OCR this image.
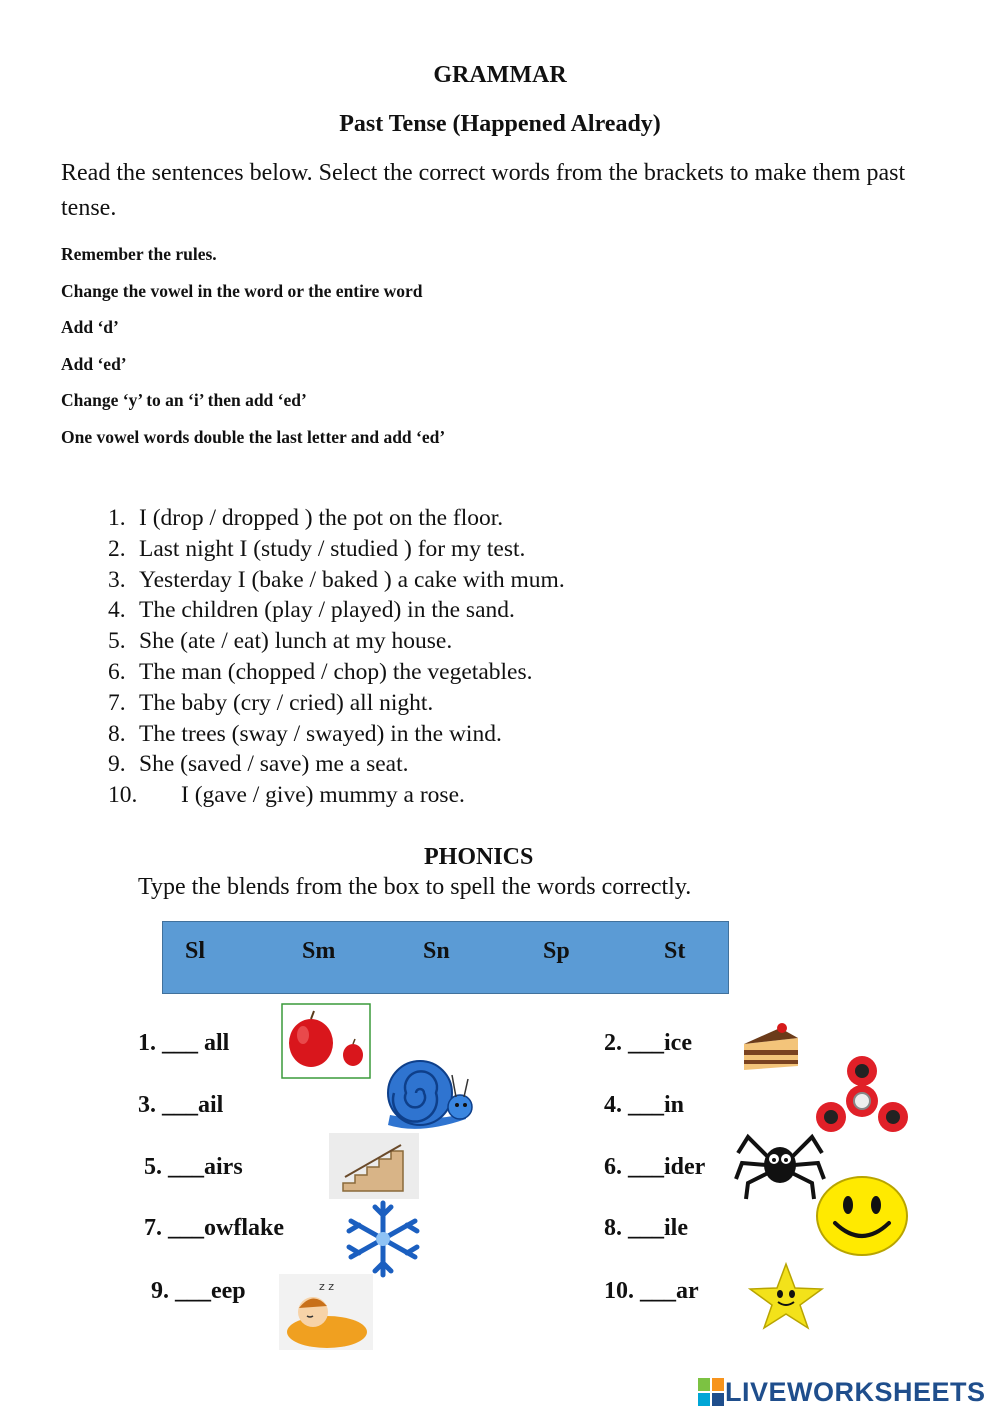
GRAMMAR
Past Tense (Happened Already)
Read the sentences below. Select the correct words from the brackets to make them past tense.
Remember the rules.
Change the vowel in the word or the entire word
Add ‘d’
Add ‘ed’
Change ‘y’ to an ‘i’ then add ‘ed’
One vowel words double the last letter and add ‘ed’
1. I (drop / dropped ) the pot on the floor.
2. Last night I (study / studied ) for my test.
3. Yesterday I (bake / baked ) a cake with mum.
4. The children (play / played) in the sand.
5. She (ate / eat) lunch at my house.
6. The man (chopped / chop) the vegetables.
7. The baby (cry / cried) all night.
8. The trees (sway / swayed) in the wind.
9. She (saved / save) me a seat.
10. I (gave / give) mummy a rose.
PHONICS
Type the blends from the box to spell the words correctly.
Sl	Sm	Sn	Sp	St
1. ___ all	2. ___ice
3. ___ail	4. ___in
5. ___airs	6. ___ider
7. ___owflake	8. ___ile
9. ___eep	10. ___ar
z z
LIVEWORKSHEETS
